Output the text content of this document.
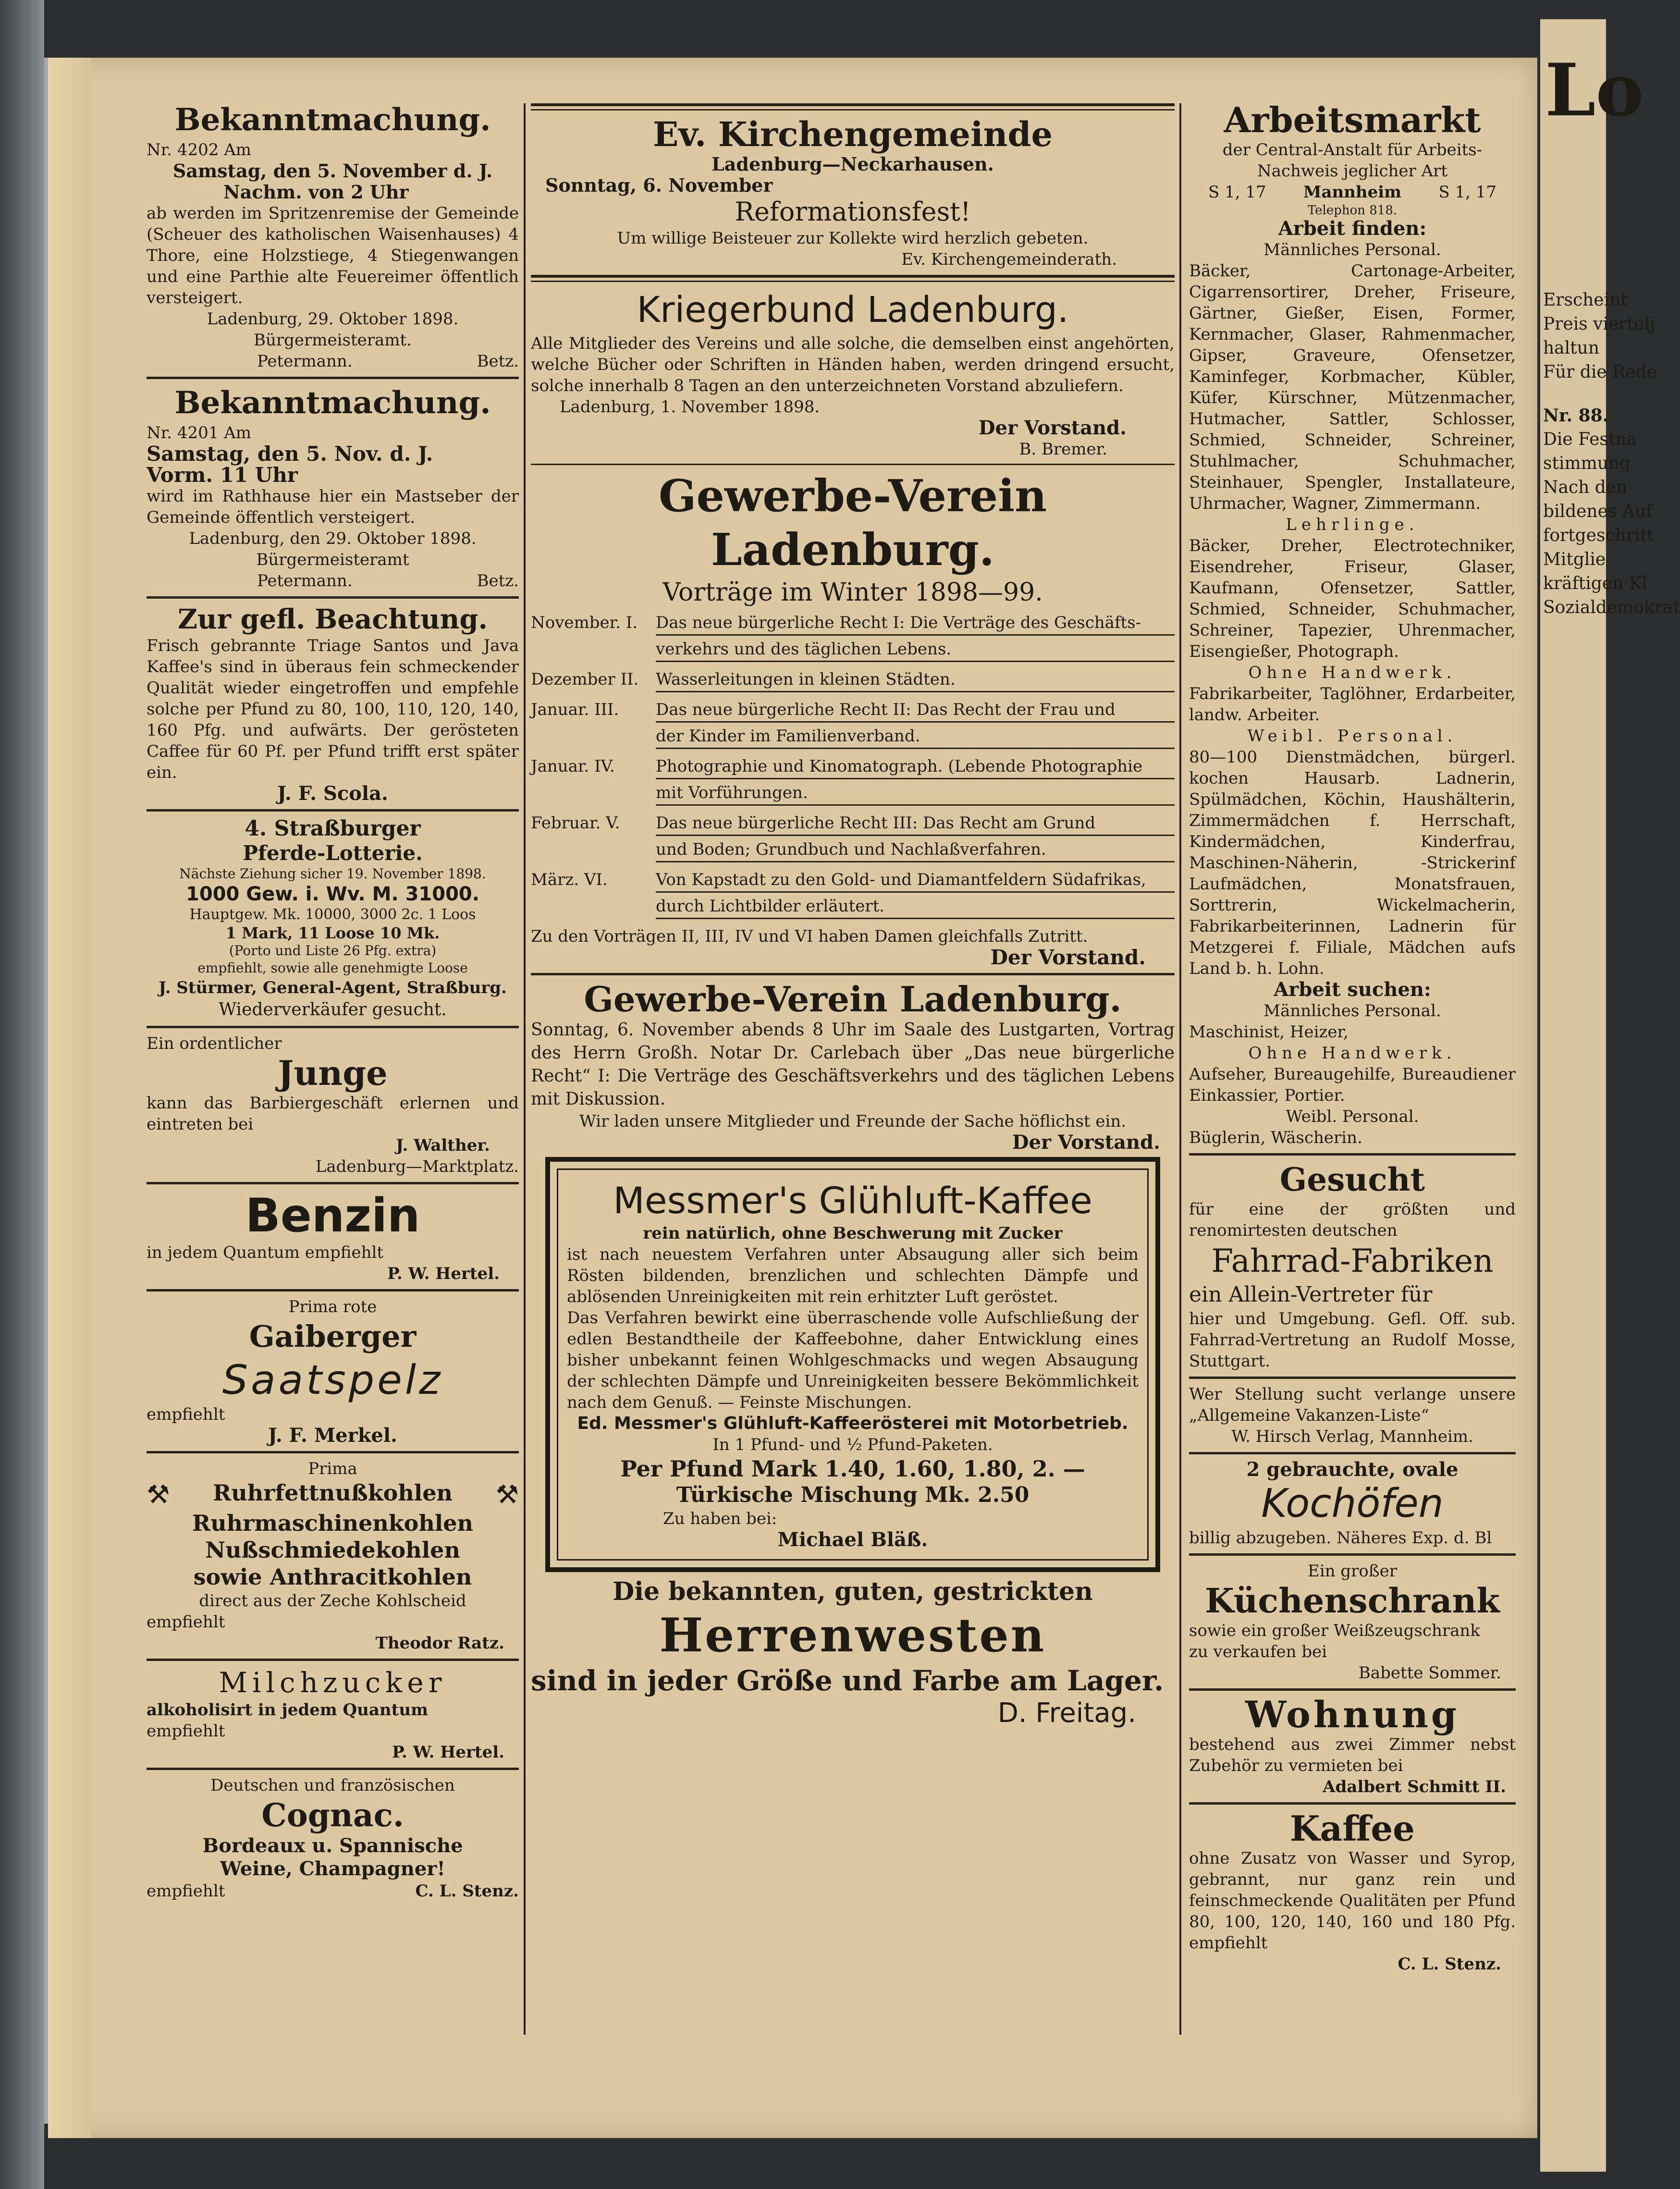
Lo
Erscheint
Preis viertelj
haltun
Für die Rede
Nr. 88.
Die Festna
stimmung
Nach den
bildenes Auf
fortgeschritt
Mitglie
kräftigen Kl
Sozialdemokrat
Bekanntmachung.
Nr. 4202 Am
Samstag, den 5. November d. J.
Nachm. von 2 Uhr
ab werden im Spritzenremise der Gemeinde (Scheuer des katholischen Waisenhauses) 4 Thore, eine Holzstiege, 4 Stiegenwangen und eine Parthie alte Feuereimer öffentlich versteigert.
Ladenburg, 29. Oktober 1898.
Bürgermeisteramt.
Petermann.	Betz.
Bekanntmachung.
Nr. 4201 Am
Samstag, den 5. Nov. d. J.
Vorm. 11 Uhr
wird im Rathhause hier ein Mastseber der Gemeinde öffentlich versteigert.
Ladenburg, den 29. Oktober 1898.
Bürgermeisteramt
Petermann.	Betz.
Zur gefl. Beachtung.
Frisch gebrannte Triage Santos und Java Kaffee's sind in überaus fein schmeckender Qualität wieder eingetroffen und empfehle solche per Pfund zu 80, 100, 110, 120, 140, 160 Pfg. und aufwärts. Der gerösteten Caffee für 60 Pf. per Pfund trifft erst später ein.
J. F. Scola.
4. Straßburger
Pferde-Lotterie.
Nächste Ziehung sicher 19. November 1898.
1000 Gew. i. Wv. M. 31000.
Hauptgew. Mk. 10000, 3000 2c. 1 Loos
1 Mark, 11 Loose 10 Mk.
(Porto und Liste 26 Pfg. extra)
empfiehlt, sowie alle genehmigte Loose
J. Stürmer, General-Agent, Straßburg.
Wiederverkäufer gesucht.
Ein ordentlicher
Junge
kann das Barbiergeschäft erlernen und eintreten bei
J. Walther.
Ladenburg—Marktplatz.
Benzin
in jedem Quantum empfiehlt
P. W. Hertel.
Prima rote
Gaiberger
Saatspelz
empfiehlt
J. F. Merkel.
Prima
⚒ Ruhrfettnußkohlen ⚒
Ruhrmaschinenkohlen
Nußschmiedekohlen
sowie Anthracitkohlen
direct aus der Zeche Kohlscheid
empfiehlt
Theodor Ratz.
Milchzucker
alkoholisirt in jedem Quantum
empfiehlt
P. W. Hertel.
Deutschen und französischen
Cognac.
Bordeaux u. Spannische
Weine, Champagner!
empfiehlt	C. L. Stenz.
Ev. Kirchengemeinde
Ladenburg—Neckarhausen.
Sonntag, 6. November
Reformationsfest!
Um willige Beisteuer zur Kollekte wird herzlich gebeten.
Ev. Kirchengemeinderath.
Kriegerbund Ladenburg.
Alle Mitglieder des Vereins und alle solche, die demselben einst angehörten, welche Bücher oder Schriften in Händen haben, werden dringend ersucht, solche innerhalb 8 Tagen an den unterzeichneten Vorstand abzuliefern.
Ladenburg, 1. November 1898.
Der Vorstand.
B. Bremer.
Gewerbe-Verein Ladenburg.
Vorträge im Winter 1898—99.
November. I.	Das neue bürgerliche Recht I: Die Verträge des Geschäfts-
verkehrs und des täglichen Lebens.
Dezember II.	Wasserleitungen in kleinen Städten.
Januar. III.	Das neue bürgerliche Recht II: Das Recht der Frau und
der Kinder im Familienverband.
Januar. IV.	Photographie und Kinomatograph. (Lebende Photographie
mit Vorführungen.
Februar. V.	Das neue bürgerliche Recht III: Das Recht am Grund
und Boden; Grundbuch und Nachlaßverfahren.
März. VI.	Von Kapstadt zu den Gold- und Diamantfeldern Südafrikas,
durch Lichtbilder erläutert.
Zu den Vorträgen II, III, IV und VI haben Damen gleichfalls Zutritt.
Der Vorstand.
Gewerbe-Verein Ladenburg.
Sonntag, 6. November abends 8 Uhr im Saale des Lustgarten, Vortrag des Herrn Großh. Notar Dr. Carlebach über „Das neue bürgerliche Recht“ I: Die Verträge des Geschäftsverkehrs und des täglichen Lebens mit Diskussion.
Wir laden unsere Mitglieder und Freunde der Sache höflichst ein.
Der Vorstand.
Messmer's Glühluft-Kaffee
rein natürlich, ohne Beschwerung mit Zucker
ist nach neuestem Verfahren unter Absaugung aller sich beim Rösten bildenden, brenzlichen und schlechten Dämpfe und ablösenden Unreinigkeiten mit rein erhitzter Luft geröstet.
Das Verfahren bewirkt eine überraschende volle Aufschließung der edlen Bestandtheile der Kaffeebohne, daher Entwicklung eines bisher unbekannt feinen Wohlgeschmacks und wegen Absaugung der schlechten Dämpfe und Unreinigkeiten bessere Bekömmlichkeit nach dem Genuß. — Feinste Mischungen.
Ed. Messmer's Glühluft-Kaffeerösterei mit Motorbetrieb.
In 1 Pfund- und ½ Pfund-Paketen.
Per Pfund Mark 1.40, 1.60, 1.80, 2. —
Türkische Mischung Mk. 2.50
Zu haben bei:
Michael Bläß.
Die bekannten, guten, gestrickten
Herrenwesten
sind in jeder Größe und Farbe am Lager.
D. Freitag.
Arbeitsmarkt
der Central-Anstalt für Arbeits-
Nachweis jeglicher Art
S 1, 17 Mannheim S 1, 17
Telephon 818.
Arbeit finden:
Männliches Personal.
Bäcker, Cartonage-Arbeiter, Cigarrensortirer, Dreher, Friseure, Gärtner, Gießer, Eisen, Former, Kernmacher, Glaser, Rahmenmacher, Gipser, Graveure, Ofensetzer, Kaminfeger, Korbmacher, Kübler, Küfer, Kürschner, Mützenmacher, Hutmacher, Sattler, Schlosser, Schmied, Schneider, Schreiner, Stuhlmacher, Schuhmacher, Steinhauer, Spengler, Installateure, Uhrmacher, Wagner, Zimmermann.
Lehrlinge.
Bäcker, Dreher, Electrotechniker, Eisendreher, Friseur, Glaser, Kaufmann, Ofensetzer, Sattler, Schmied, Schneider, Schuhmacher, Schreiner, Tapezier, Uhrenmacher, Eisengießer, Photograph.
Ohne Handwerk.
Fabrikarbeiter, Taglöhner, Erdarbeiter, landw. Arbeiter.
Weibl. Personal.
80—100 Dienstmädchen, bürgerl. kochen Hausarb. Ladnerin, Spülmädchen, Köchin, Haushälterin, Zimmermädchen f. Herrschaft, Kindermädchen, Kinderfrau, Maschinen-Näherin, -Strickerinf Laufmädchen, Monatsfrauen, Sorttrerin, Wickelmacherin, Fabrikarbeiterinnen, Ladnerin für Metzgerei f. Filiale, Mädchen aufs Land b. h. Lohn.
Arbeit suchen:
Männliches Personal.
Maschinist, Heizer,
Ohne Handwerk.
Aufseher, Bureaugehilfe, Bureaudiener Einkassier, Portier.
Weibl. Personal.
Büglerin, Wäscherin.
Gesucht
für eine der größten und renomirtesten deutschen
Fahrrad-Fabriken
ein Allein-Vertreter für
hier und Umgebung. Gefl. Off. sub. Fahrrad-Vertretung an Rudolf Mosse, Stuttgart.
Wer Stellung sucht verlange unsere „Allgemeine Vakanzen-Liste“
W. Hirsch Verlag, Mannheim.
2 gebrauchte, ovale
Kochöfen
billig abzugeben. Näheres Exp. d. Bl
Ein großer
Küchenschrank
sowie ein großer Weißzeugschrank
zu verkaufen bei
Babette Sommer.
Wohnung
bestehend aus zwei Zimmer nebst Zubehör zu vermieten bei
Adalbert Schmitt II.
Kaffee
ohne Zusatz von Wasser und Syrop, gebrannt, nur ganz rein und feinschmeckende Qualitäten per Pfund 80, 100, 120, 140, 160 und 180 Pfg. empfiehlt
C. L. Stenz.
